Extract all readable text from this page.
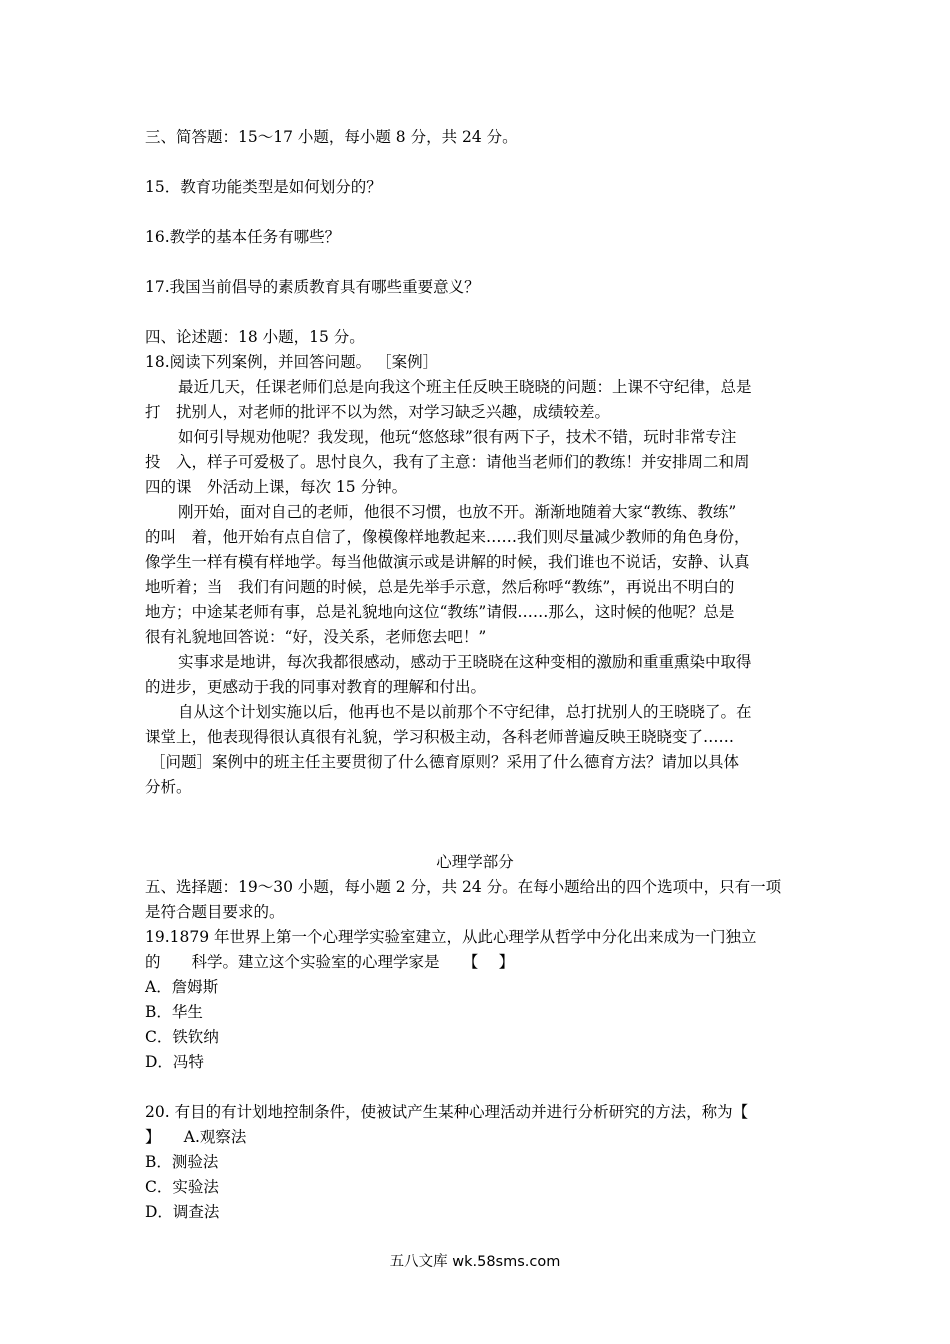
三、简答题：15～17 小题，每小题 8 分，共 24 分。
15．教育功能类型是如何划分的？
16.教学的基本任务有哪些？
17.我国当前倡导的素质教育具有哪些重要意义？
四、论述题：18 小题，15 分。
18.阅读下列案例，并回答问题。 ［案例］
最近几天，任课老师们总是向我这个班主任反映王晓晓的问题：上课不守纪律，总是
打　扰别人，对老师的批评不以为然，对学习缺乏兴趣，成绩较差。
如何引导规劝他呢？我发现，他玩“悠悠球”很有两下子，技术不错，玩时非常专注
投　入，样子可爱极了。思忖良久，我有了主意：请他当老师们的教练！并安排周二和周
四的课　外活动上课，每次 15 分钟。
刚开始，面对自己的老师，他很不习惯，也放不开。渐渐地随着大家“教练、教练”
的叫　着，他开始有点自信了，像模像样地教起来……我们则尽量减少教师的角色身份，
像学生一样有模有样地学。每当他做演示或是讲解的时候，我们谁也不说话，安静、认真
地听着；当　我们有问题的时候，总是先举手示意，然后称呼“教练”，再说出不明白的
地方；中途某老师有事，总是礼貌地向这位“教练”请假……那么，这时候的他呢？总是
很有礼貌地回答说：“好，没关系，老师您去吧！”
实事求是地讲，每次我都很感动，感动于王晓晓在这种变相的激励和重重熏染中取得
的进步，更感动于我的同事对教育的理解和付出。
自从这个计划实施以后，他再也不是以前那个不守纪律，总打扰别人的王晓晓了。在
课堂上，他表现得很认真很有礼貌，学习积极主动，各科老师普遍反映王晓晓变了……
［问题］案例中的班主任主要贯彻了什么德育原则？采用了什么德育方法？请加以具体
分析。
心理学部分
五、选择题：19～30 小题，每小题 2 分，共 24 分。在每小题给出的四个选项中，只有一项
是符合题目要求的。
19.1879 年世界上第一个心理学实验室建立，从此心理学从哲学中分化出来成为一门独立
的　　科学。建立这个实验室的心理学家是　　【　 】
A．詹姆斯
B．华生
C．铁钦纳
D．冯特
20. 有目的有计划地控制条件，使被试产生某种心理活动并进行分析研究的方法，称为【
】　　A.观察法
B．测验法
C．实验法
D．调查法
五八文库 wk.58sms.com
